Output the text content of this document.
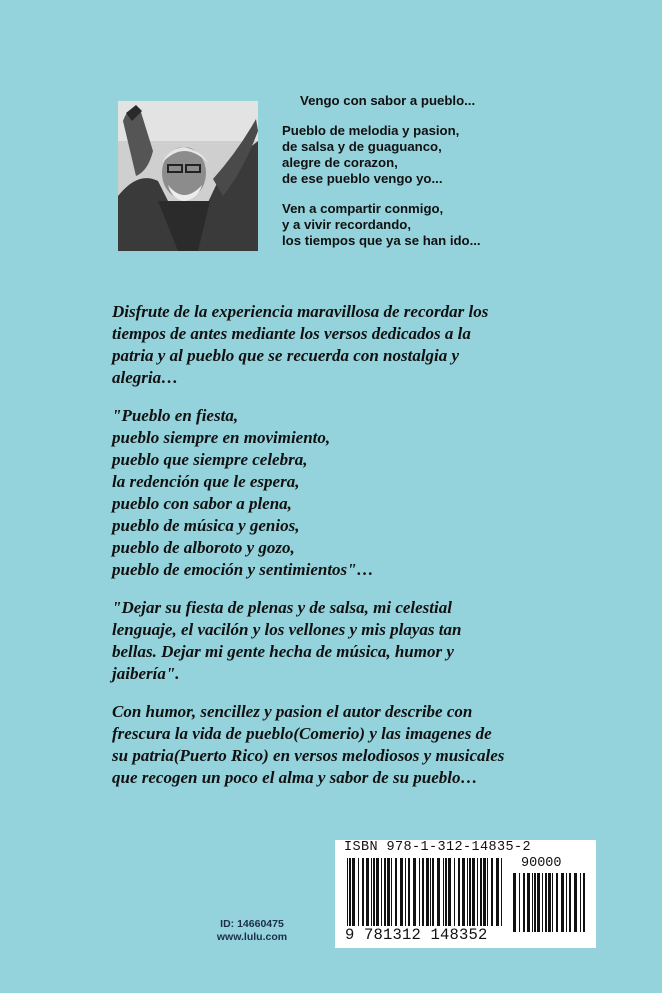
Vengo con sabor a pueblo...
Pueblo de melodia y pasion,
de salsa y de guaguanco,
alegre de corazon,
de ese pueblo vengo yo...
Ven a compartir conmigo,
y a vivir recordando,
los tiempos que ya se han ido...
Disfrute de la experiencia maravillosa de recordar los
tiempos de antes mediante los versos dedicados a la
patria y al pueblo que se recuerda con nostalgia y
alegria…
"Pueblo en fiesta,
pueblo siempre en movimiento,
pueblo que siempre celebra,
la redención que le espera,
pueblo con sabor a plena,
pueblo de música y genios,
pueblo de alboroto y gozo,
pueblo de emoción y sentimientos"…
"Dejar su fiesta de plenas y de salsa, mi celestial
lenguaje, el vacilón y los vellones y mis playas tan
bellas. Dejar mi gente hecha de música, humor y
jaibería".
Con humor, sencillez y pasion el autor describe con
frescura la vida de pueblo(Comerio) y las imagenes de
su patria(Puerto Rico) en versos melodiosos y musicales
que recogen un poco el alma y sabor de su pueblo…
ID: 14660475
www.lulu.com
ISBN 978-1-312-14835-2
90000
9 781312 148352
